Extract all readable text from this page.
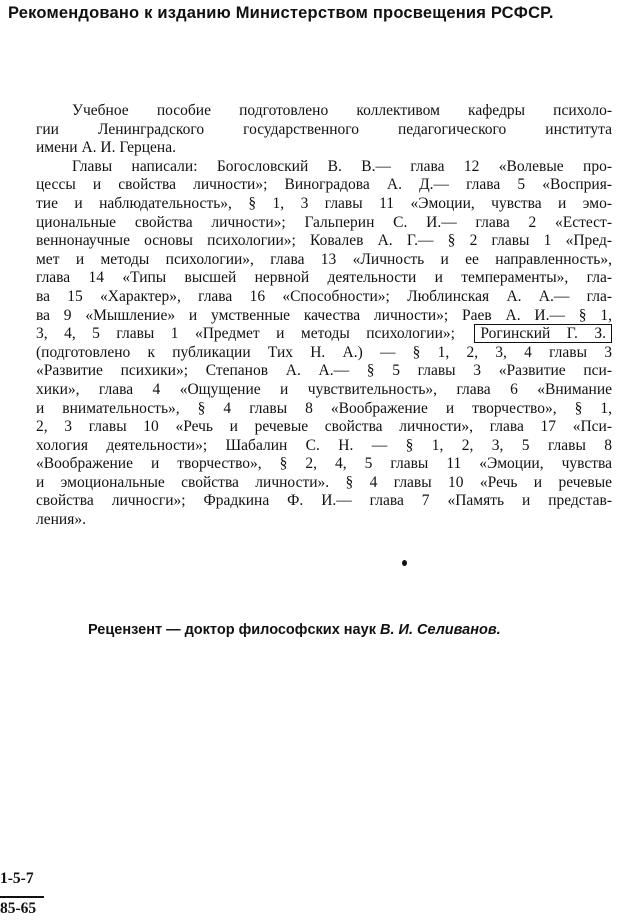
Рекомендовано к изданию Министерством просвещения РСФСР.
Учебное пособие подготовлено коллективом кафедры психоло-
гии Ленинградского государственного педагогического института
имени А. И. Герцена.
Главы написали: Богословский В. В.— глава 12 «Волевые про-
цессы и свойства личности»; Виноградова А. Д.— глава 5 «Восприя-
тие и наблюдательность», § 1, 3 главы 11 «Эмоции, чувства и эмо-
циональные свойства личности»; Гальперин С. И.— глава 2 «Естест-
веннонаучные основы психологии»; Ковалев А. Г.— § 2 главы 1 «Пред-
мет и методы психологии», глава 13 «Личность и ее направленность»,
глава 14 «Типы высшей нервной деятельности и темпераменты», гла-
ва 15 «Характер», глава 16 «Способности»; Люблинская А. А.— гла-
ва 9 «Мышление» и умственные качества личности»; Раев А. И.— § 1,
3, 4, 5 главы 1 «Предмет и методы психологии»; Рогинский Г. З.
(подготовлено к публикации Тих Н. А.) — § 1, 2, 3, 4 главы 3
«Развитие психики»; Степанов А. А.— § 5 главы 3 «Развитие пси-
хики», глава 4 «Ощущение и чувствительность», глава 6 «Внимание
и внимательность», § 4 главы 8 «Воображение и творчество», § 1,
2, 3 главы 10 «Речь и речевые свойства личности», глава 17 «Пси-
хология деятельности»; Шабалин С. Н. — § 1, 2, 3, 5 главы 8
«Воображение и творчество», § 2, 4, 5 главы 11 «Эмоции, чувства
и эмоциональные свойства личности». § 4 главы 10 «Речь и речевые
свойства личносги»; Фрадкина Ф. И.— глава 7 «Память и представ-
ления».
Рецензент — доктор философских наук В. И. Селиванов.
1-5-7
85-65
